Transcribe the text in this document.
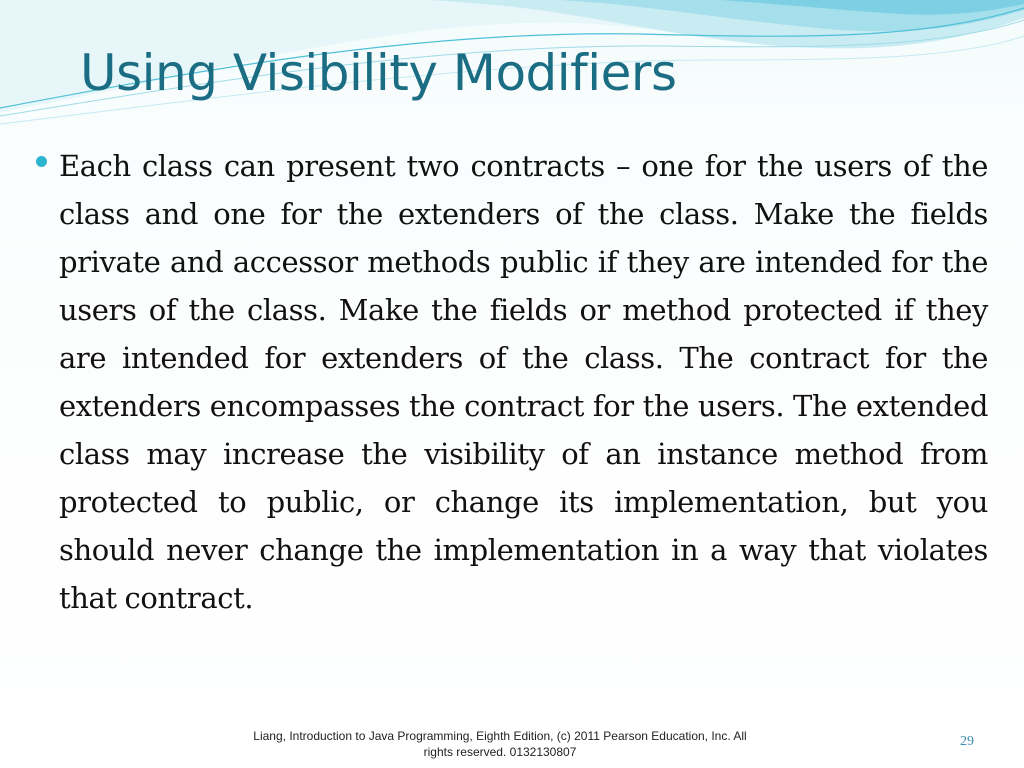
Using Visibility Modifiers

Each class can present two contracts – one for the users of the class and one for the extenders of the class. Make the fields private and accessor methods public if they are intended for the users of the class. Make the fields or method protected if they are intended for extenders of the class. The contract for the extenders encompasses the contract for the users. The extended class may increase the visibility of an instance method from protected to public, or change its implementation, but you should never change the implementation in a way that violates that contract.

Liang, Introduction to Java Programming, Eighth Edition, (c) 2011 Pearson Education, Inc. All
rights reserved. 0132130807
29
